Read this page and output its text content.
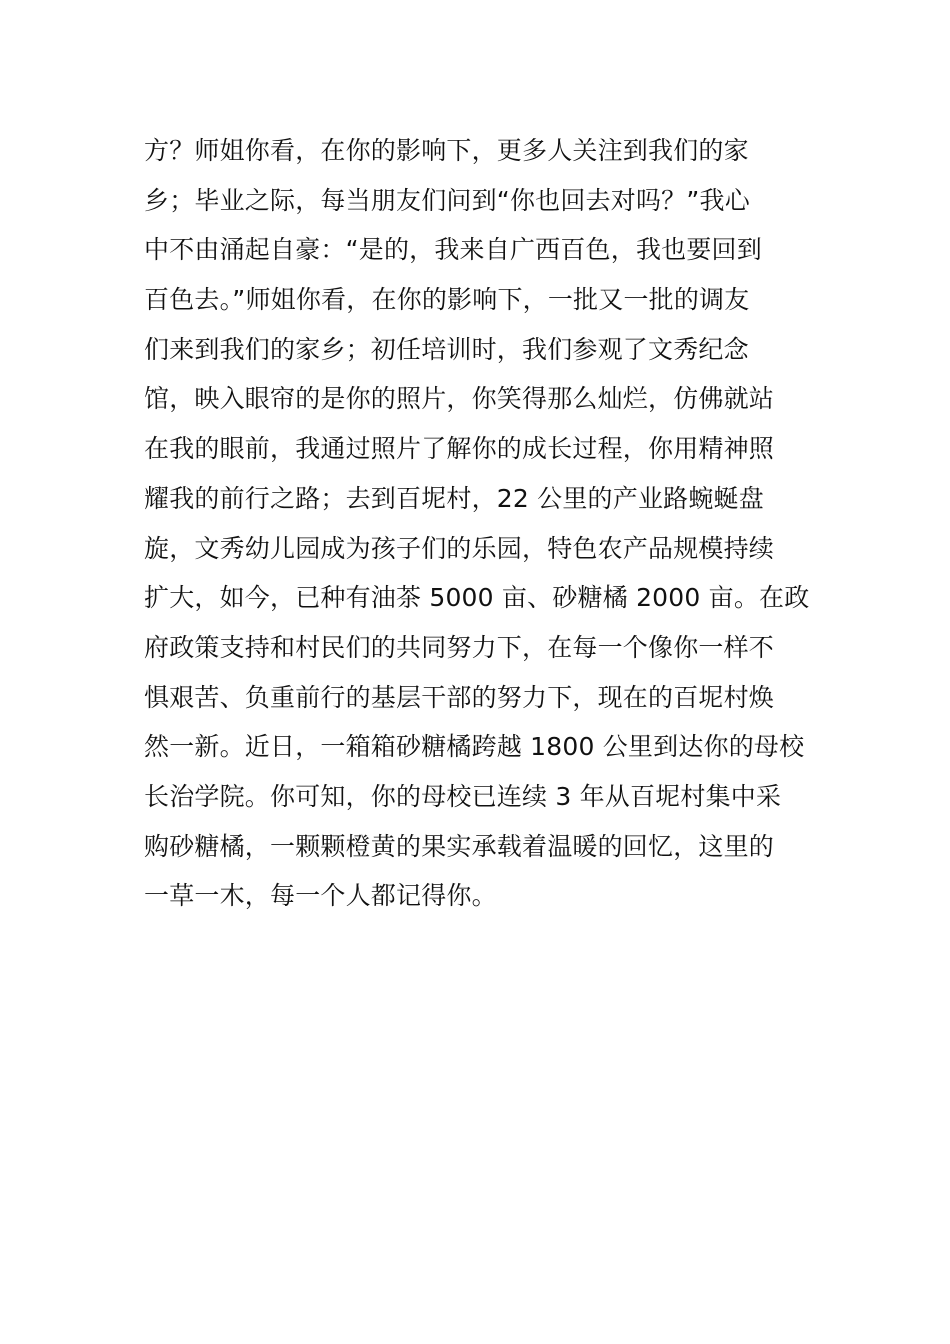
方？师姐你看，在你的影响下，更多人关注到我们的家
乡；毕业之际，每当朋友们问到“你也回去对吗？”我心
中不由涌起自豪：“是的，我来自广西百色，我也要回到
百色去。”师姐你看，在你的影响下，一批又一批的调友
们来到我们的家乡；初任培训时，我们参观了文秀纪念
馆，映入眼帘的是你的照片，你笑得那么灿烂，仿佛就站
在我的眼前，我通过照片了解你的成长过程，你用精神照
耀我的前行之路；去到百坭村，22 公里的产业路蜿蜒盘
旋，文秀幼儿园成为孩子们的乐园，特色农产品规模持续
扩大，如今，已种有油茶 5000 亩、砂糖橘 2000 亩。在政
府政策支持和村民们的共同努力下，在每一个像你一样不
惧艰苦、负重前行的基层干部的努力下，现在的百坭村焕
然一新。近日，一箱箱砂糖橘跨越 1800 公里到达你的母校
长治学院。你可知，你的母校已连续 3 年从百坭村集中采
购砂糖橘，一颗颗橙黄的果实承载着温暖的回忆，这里的
一草一木，每一个人都记得你。
